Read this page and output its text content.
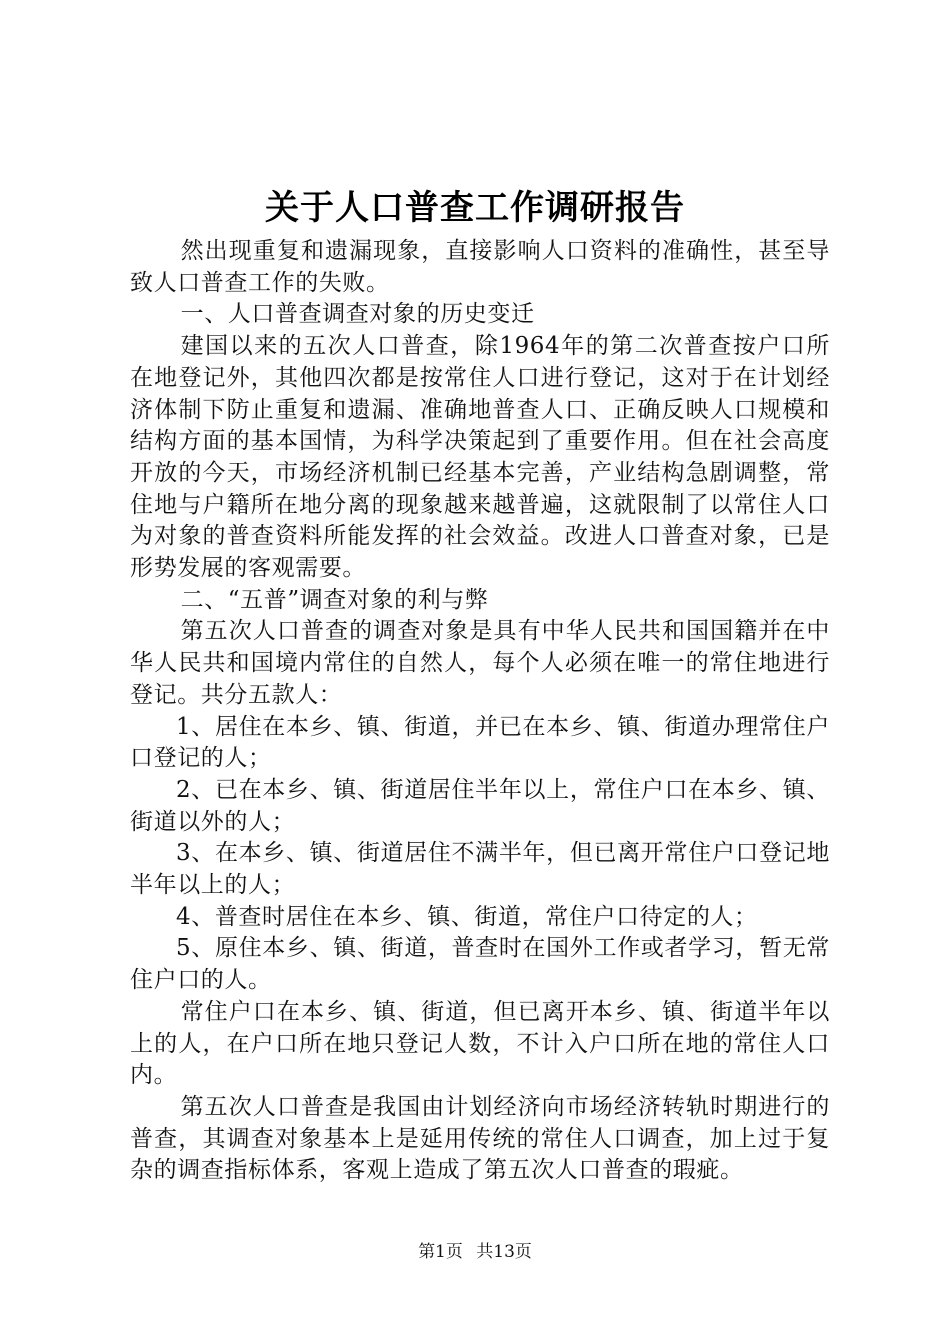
关于人口普查工作调研报告

然出现重复和遗漏现象，直接影响人口资料的准确性，甚至导致人口普查工作的失败。

一、人口普查调查对象的历史变迁

建国以来的五次人口普查，除1964年的第二次普查按户口所在地登记外，其他四次都是按常住人口进行登记，这对于在计划经济体制下防止重复和遗漏、准确地普查人口、正确反映人口规模和结构方面的基本国情，为科学决策起到了重要作用。但在社会高度开放的今天，市场经济机制已经基本完善，产业结构急剧调整，常住地与户籍所在地分离的现象越来越普遍，这就限制了以常住人口为对象的普查资料所能发挥的社会效益。改进人口普查对象，已是形势发展的客观需要。

二、“五普”调查对象的利与弊

第五次人口普查的调查对象是具有中华人民共和国国籍并在中华人民共和国境内常住的自然人，每个人必须在唯一的常住地进行登记。共分五款人：

1、居住在本乡、镇、街道，并已在本乡、镇、街道办理常住户口登记的人；

2、已在本乡、镇、街道居住半年以上，常住户口在本乡、镇、街道以外的人；

3、在本乡、镇、街道居住不满半年，但已离开常住户口登记地半年以上的人；

4、普查时居住在本乡、镇、街道，常住户口待定的人；

5、原住本乡、镇、街道，普查时在国外工作或者学习，暂无常住户口的人。

常住户口在本乡、镇、街道，但已离开本乡、镇、街道半年以上的人，在户口所在地只登记人数，不计入户口所在地的常住人口内。

第五次人口普查是我国由计划经济向市场经济转轨时期进行的普查，其调查对象基本上是延用传统的常住人口调查，加上过于复杂的调查指标体系，客观上造成了第五次人口普查的瑕疵。

第1页 共13页
